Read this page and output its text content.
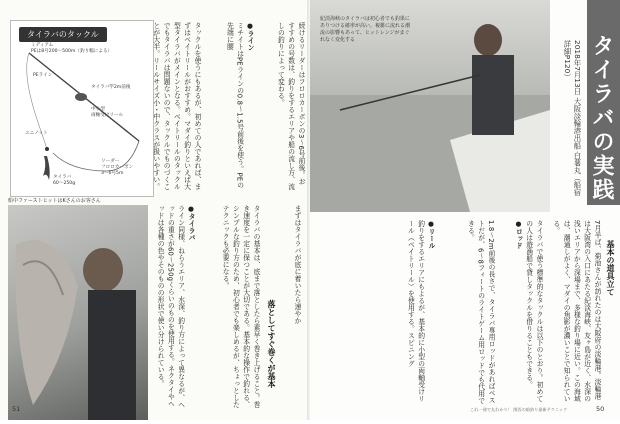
タイラバのタックル
ミディアム
PEは8号200～500m（釣り幅による）
PEライン
タイラバ竿2m前後
中小型
両軸受けリール
ユニノット
リーダー
フロロカーボン
3～6号5m
タイラバ
60～250g	タックルを使うにもあるが、初めての人であれば、まずはベイトリールがおすすめ。マダイ釣りといえば大型タイラバがメインとなる。ベイトリールのタックルでもタイラバは問題ないので、タックルでものづくことが大半。リールサイズ小・中クラスが扱いやすい。	●ライン

ミチイトはPEラインの0.8〜1.5号前後を使う。PEの先端に腰	続けるリーダーはフロロカーボンの3〜6号前後。おすすめの号数は、釣りをするエリアや船の流し方、流しの釣りによって変わる。

船中ファーストヒットはKさんのお客さん

●タイラバ

ライン同様、ねらうエリア、水深、釣り方によって異なるが、ヘッドの重さが60〜250gくらいのものを使用する。ネクタイやヘッドは各種の色やそのものの形状で使い分けられている。	タイラバの基本は、底まで落としたら素早く巻き上げること。巻き速度を一定に保つことが大切である。基本的な操作で釣れる、シンプルな釣り方のため、初心者でも楽しめるが、ちょっとしたテクニックも必要になる。

落としてすぐ巻くが基本

まずはタイラバが底に着いたら速やか

51
紀淡海峡のタイラバは初心者でも釣果にありつける確率が高い。複雑に流れる潮流の影響もあって、ヒットレンジがまぐれなく変化する	タイラバの実践
2018年7月13日 大阪淡輪港出船 白薯丸（船宿詳細P120）
基本の道具立て

7月半ば、菊池さんが訪れたのは大阪府の淡輪港。淡輪港は大阪湾の入口にあたる紀淡海峡、友ヶ島が近く、水深の浅いエリアから深場まで、多様な釣り場に近い。この海域は、潮通しがよく、マダイの魚影が濃いことで知られている。

タイラバで使う標準的なタックルは以下のとおり。初めての人は遊漁船で貸しタックルを借りることもできる。

●ロッド

1.8〜2m前後の長さで、タイラバ専用ロッドがあればベストだが、6〜8フィートのライトゲーム用ロッドでも代用できる。

●リール

釣りをするエリアにもよるが、基本的に小型の両軸受けリール（ベイトリール）を使用する。スピニング

これ一冊で丸わかり！ 関西の船釣り最新テクニック	50
